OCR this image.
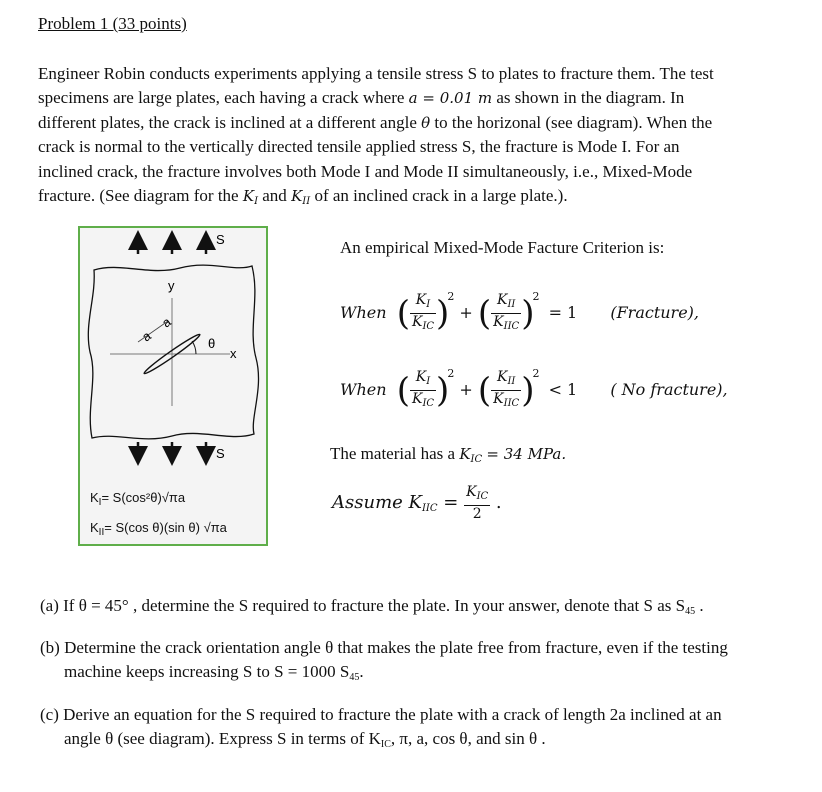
Problem 1 (33 points)
Engineer Robin conducts experiments applying a tensile stress S to plates to fracture them. The test
specimens are large plates, each having a crack where a = 0.01 m as shown in the diagram. In
different plates, the crack is inclined at a different angle θ to the horizonal (see diagram). When the
crack is normal to the vertically directed tensile applied stress S, the fracture is Mode I. For an
inclined crack, the fracture involves both Mode I and Mode II simultaneously, i.e., Mixed-Mode
fracture. (See diagram for the $K_I$ and $K_{II}$ of an inclined crack in a large plate.).
S
y
x
a
a
θ
S
$K_I= S(\cos^2\theta)√\pi a$
$K_{II}= S(\cos$ θ)(sin θ) √πa
An empirical Mixed-Mode Facture Criterion is:
When ( $\frac{K_I}{K_{IC}} )^2$ + ( $\frac{K_{II}}{K_{IIC}} )^2 = 1$ (Fracture),
When ( $\frac{K_I}{K_{IC}} )^2$ + ( $\frac{K_{II}}{K_{IIC}} )^2 < 1$ ( No fracture),
The material has a $K_{IC} = 34$ MPa.
Assume $K_{IIC} = \frac{K_{IC}}{2}$ .
(a) If θ = 45° , determine the S required to fracture the plate. In your answer, denote that S as $S_{45}$ .
(b) Determine the crack orientation angle θ that makes the plate free from fracture, even if the testing
machine keeps increasing S to S = 1000 $S_{45}$.
(c) Derive an equation for the S required to fracture the plate with a crack of length 2a inclined at an
angle θ (see diagram). Express S in terms of $K_{IC}$, π, a, cos θ, and sin θ .
